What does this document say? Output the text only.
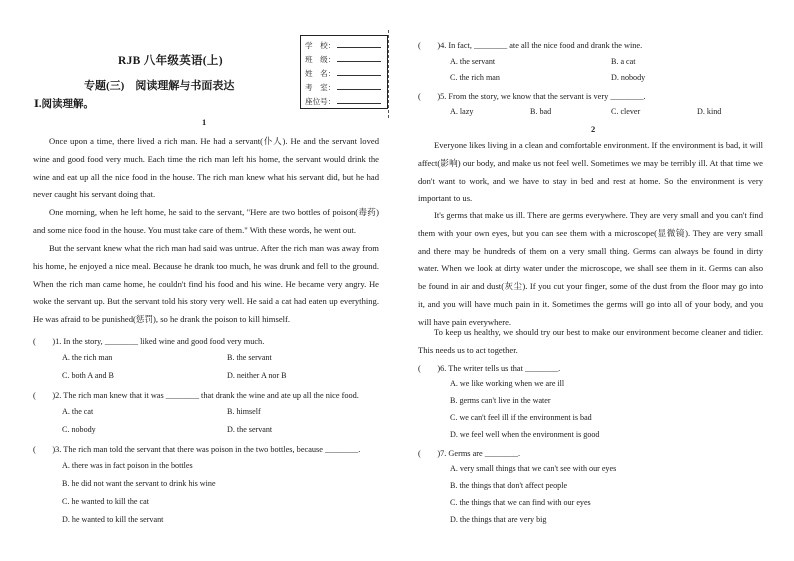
RJB 八年级英语(上)
专题(三)　阅读理解与书面表达
Ⅰ.阅读理解。
学　校：
班　级：
姓　名：
考　室：
座位号：
1
Once upon a time, there lived a rich man. He had a servant(仆人). He and the servant loved wine and good food very much. Each time the rich man left his home, the servant would drink the wine and eat up all the nice food in the house. The rich man knew what his servant did, but he had never caught his servant doing that.
One morning, when he left home, he said to the servant, "Here are two bottles of poison(毒药) and some nice food in the house. You must take care of them." With these words, he went out.
But the servant knew what the rich man had said was untrue. After the rich man was away from his home, he enjoyed a nice meal. Because he drank too much, he was drunk and fell to the ground. When the rich man came home, he couldn't find his food and his wine. He became very angry. He woke the servant up. But the servant told his story very well. He said a cat had eaten up everything. He was afraid to be punished(惩罚), so he drank the poison to kill himself.
(　　)1. In the story, ________ liked wine and good food very much.
A. the rich man	B. the servant
C. both A and B	D. neither A nor B
(　　)2. The rich man knew that it was ________ that drank the wine and ate up all the nice food.
A. the cat	B. himself
C. nobody	D. the servant
(　　)3. The rich man told the servant that there was poison in the two bottles, because ________.
A. there was in fact poison in the bottles
B. he did not want the servant to drink his wine
C. he wanted to kill the cat
D. he wanted to kill the servant
(　　)4. In fact, ________ ate all the nice food and drank the wine.
A. the servant	B. a cat
C. the rich man	D. nobody
(　　)5. From the story, we know that the servant is very ________.
A. lazy	B. bad	C. clever	D. kind
2
Everyone likes living in a clean and comfortable environment. If the environment is bad, it will affect(影响) our body, and make us not feel well. Sometimes we may be terribly ill. At that time we don't want to work, and we have to stay in bed and rest at home. So the environment is very important to us.
It's germs that make us ill. There are germs everywhere. They are very small and you can't find them with your own eyes, but you can see them with a microscope(显微镜). They are very small and there may be hundreds of them on a very small thing. Germs can always be found in dirty water. When we look at dirty water under the microscope, we shall see them in it. Germs can also be found in air and dust(灰尘). If you cut your finger, some of the dust from the floor may go into it, and you will have much pain in it. Sometimes the germs will go into all of your body, and you will have pain everywhere.
To keep us healthy, we should try our best to make our environment become cleaner and tidier. This needs us to act together.
(　　)6. The writer tells us that ________.
A. we like working when we are ill
B. germs can't live in the water
C. we can't feel ill if the environment is bad
D. we feel well when the environment is good
(　　)7. Germs are ________.
A. very small things that we can't see with our eyes
B. the things that don't affect people
C. the things that we can find with our eyes
D. the things that are very big
